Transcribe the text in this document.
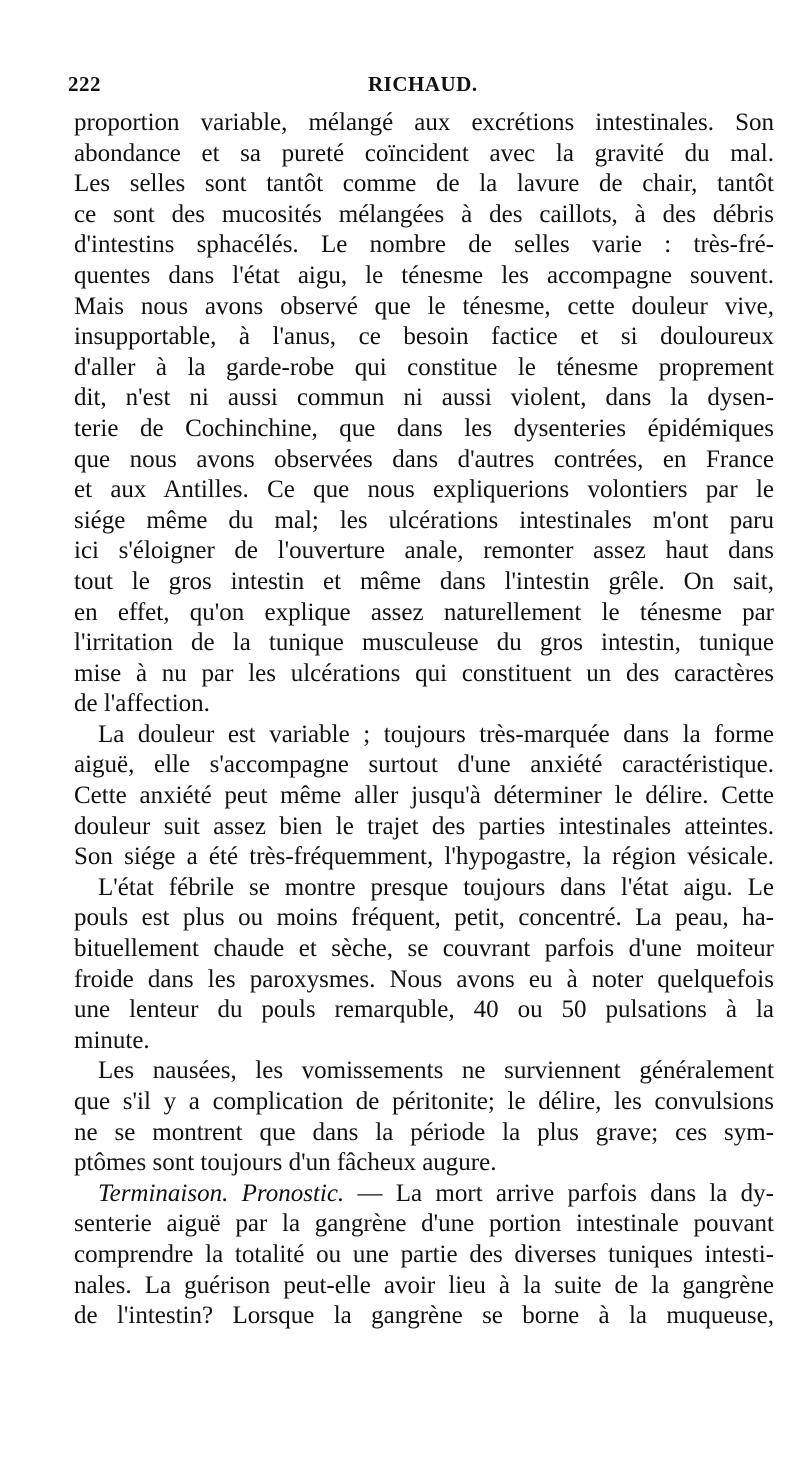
222	RICHAUD.
proportion variable, mélangé aux excrétions intestinales. Son
abondance et sa pureté coïncident avec la gravité du mal.
Les selles sont tantôt comme de la lavure de chair, tantôt
ce sont des mucosités mélangées à des caillots, à des débris
d'intestins sphacélés. Le nombre de selles varie : très-fré-
quentes dans l'état aigu, le ténesme les accompagne souvent.
Mais nous avons observé que le ténesme, cette douleur vive,
insupportable, à l'anus, ce besoin factice et si douloureux
d'aller à la garde-robe qui constitue le ténesme proprement
dit, n'est ni aussi commun ni aussi violent, dans la dysen-
terie de Cochinchine, que dans les dysenteries épidémiques
que nous avons observées dans d'autres contrées, en France
et aux Antilles. Ce que nous expliquerions volontiers par le
siége même du mal; les ulcérations intestinales m'ont paru
ici s'éloigner de l'ouverture anale, remonter assez haut dans
tout le gros intestin et même dans l'intestin grêle. On sait,
en effet, qu'on explique assez naturellement le ténesme par
l'irritation de la tunique musculeuse du gros intestin, tunique
mise à nu par les ulcérations qui constituent un des caractères
de l'affection.
La douleur est variable ; toujours très-marquée dans la forme
aiguë, elle s'accompagne surtout d'une anxiété caractéristique.
Cette anxiété peut même aller jusqu'à déterminer le délire. Cette
douleur suit assez bien le trajet des parties intestinales atteintes.
Son siége a été très-fréquemment, l'hypogastre, la région vésicale.
L'état fébrile se montre presque toujours dans l'état aigu. Le
pouls est plus ou moins fréquent, petit, concentré. La peau, ha-
bituellement chaude et sèche, se couvrant parfois d'une moiteur
froide dans les paroxysmes. Nous avons eu à noter quelquefois
une lenteur du pouls remarquble, 40 ou 50 pulsations à la
minute.
Les nausées, les vomissements ne surviennent généralement
que s'il y a complication de péritonite; le délire, les convulsions
ne se montrent que dans la période la plus grave; ces sym-
ptômes sont toujours d'un fâcheux augure.
Terminaison. Pronostic. — La mort arrive parfois dans la dy-
senterie aiguë par la gangrène d'une portion intestinale pouvant
comprendre la totalité ou une partie des diverses tuniques intesti-
nales. La guérison peut-elle avoir lieu à la suite de la gangrène
de l'intestin? Lorsque la gangrène se borne à la muqueuse,
